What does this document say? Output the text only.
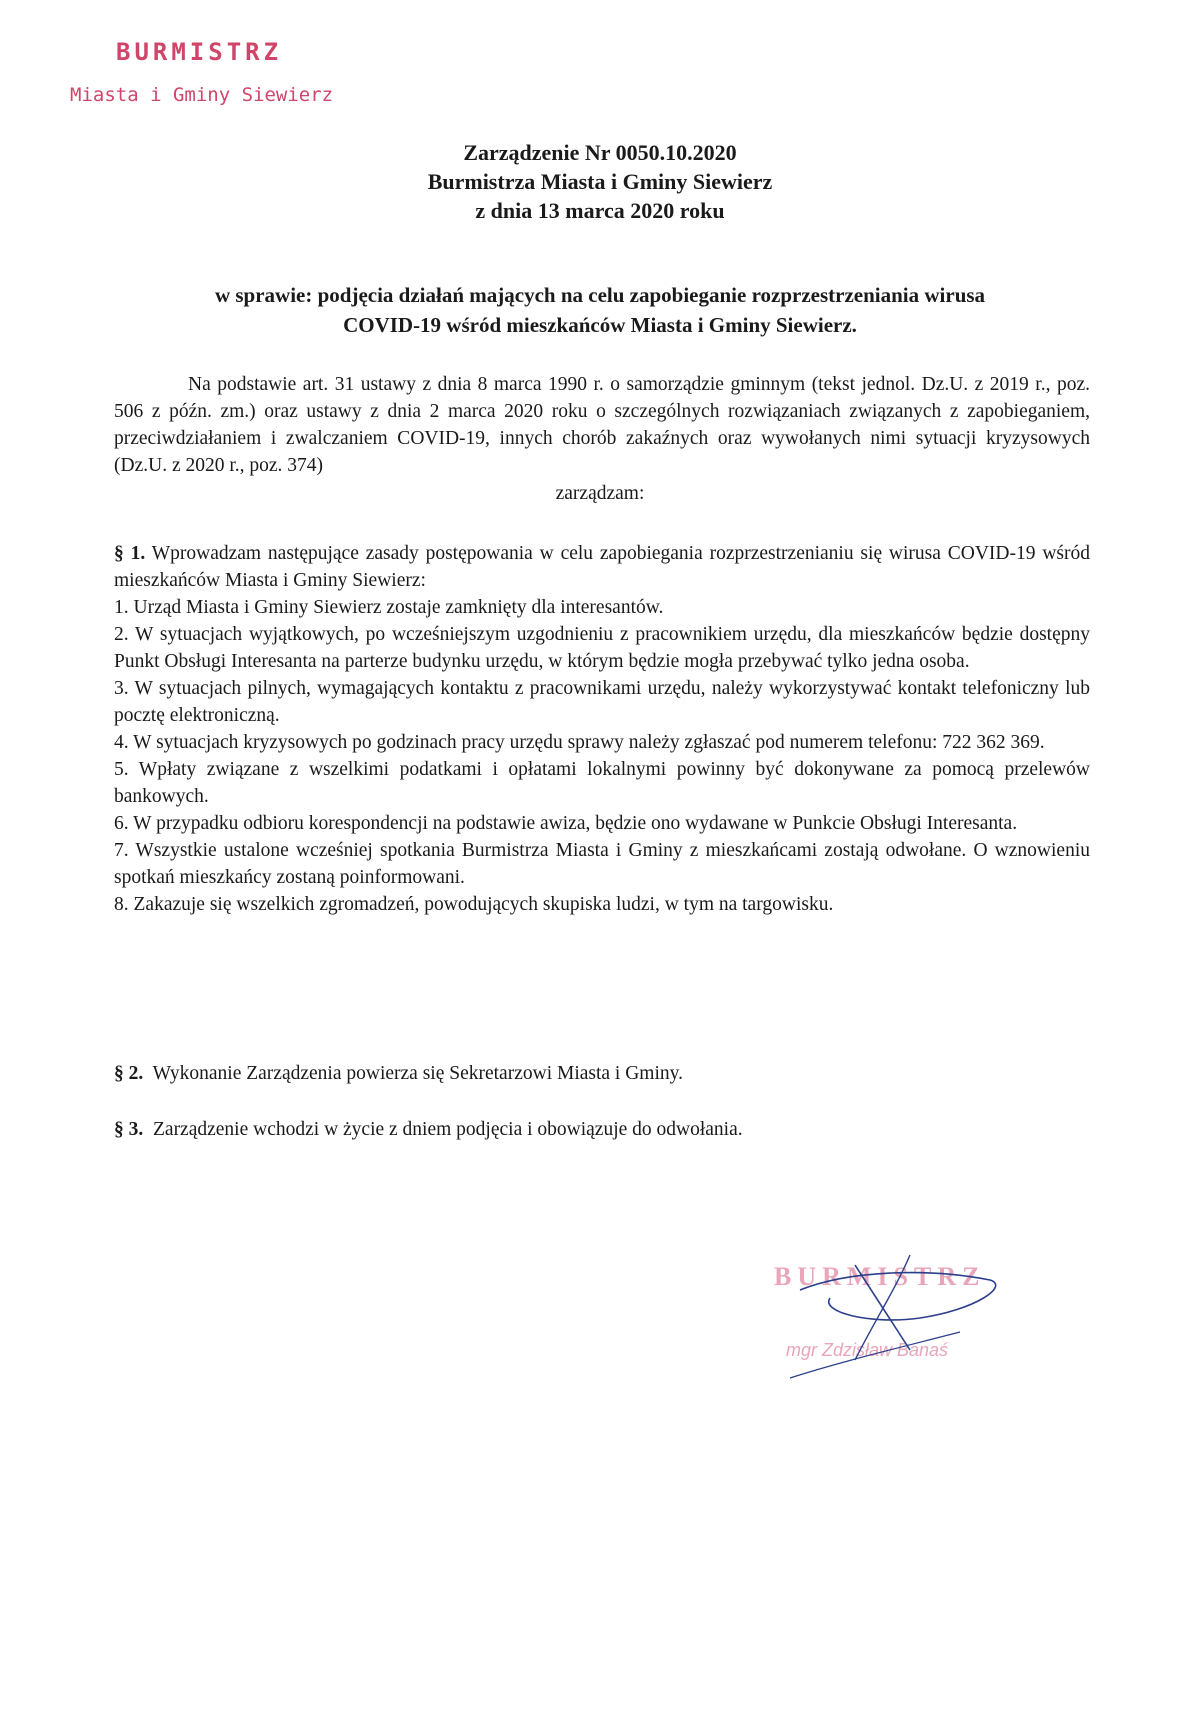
BURMISTRZ
Miasta i Gminy Siewierz
Zarządzenie Nr 0050.10.2020
Burmistrza Miasta i Gminy Siewierz
z dnia 13 marca 2020 roku
w sprawie: podjęcia działań mających na celu zapobieganie rozprzestrzeniania wirusa
COVID-19 wśród mieszkańców Miasta i Gminy Siewierz.
Na podstawie art. 31 ustawy z dnia 8 marca 1990 r. o samorządzie gminnym (tekst jednol. Dz.U. z 2019 r., poz. 506 z późn. zm.) oraz ustawy z dnia 2 marca 2020 roku o szczególnych rozwiązaniach związanych z zapobieganiem, przeciwdziałaniem i zwalczaniem COVID-19, innych chorób zakaźnych oraz wywołanych nimi sytuacji kryzysowych (Dz.U. z 2020 r., poz. 374)
zarządzam:
§ 1. Wprowadzam następujące zasady postępowania w celu zapobiegania rozprzestrzenianiu się wirusa COVID-19 wśród mieszkańców Miasta i Gminy Siewierz:
1. Urząd Miasta i Gminy Siewierz zostaje zamknięty dla interesantów.
2. W sytuacjach wyjątkowych, po wcześniejszym uzgodnieniu z pracownikiem urzędu, dla mieszkańców będzie dostępny Punkt Obsługi Interesanta na parterze budynku urzędu, w którym będzie mogła przebywać tylko jedna osoba.
3. W sytuacjach pilnych, wymagających kontaktu z pracownikami urzędu, należy wykorzystywać kontakt telefoniczny lub pocztę elektroniczną.
4. W sytuacjach kryzysowych po godzinach pracy urzędu sprawy należy zgłaszać pod numerem telefonu: 722 362 369.
5. Wpłaty związane z wszelkimi podatkami i opłatami lokalnymi powinny być dokonywane za pomocą przelewów bankowych.
6. W przypadku odbioru korespondencji na podstawie awiza, będzie ono wydawane w Punkcie Obsługi Interesanta.
7. Wszystkie ustalone wcześniej spotkania Burmistrza Miasta i Gminy z mieszkańcami zostają odwołane. O wznowieniu spotkań mieszkańcy zostaną poinformowani.
8. Zakazuje się wszelkich zgromadzeń, powodujących skupiska ludzi, w tym na targowisku.
§ 2. Wykonanie Zarządzenia powierza się Sekretarzowi Miasta i Gminy.
§ 3. Zarządzenie wchodzi w życie z dniem podjęcia i obowiązuje do odwołania.
BURMISTRZ
mgr Zdzisław Banaś
